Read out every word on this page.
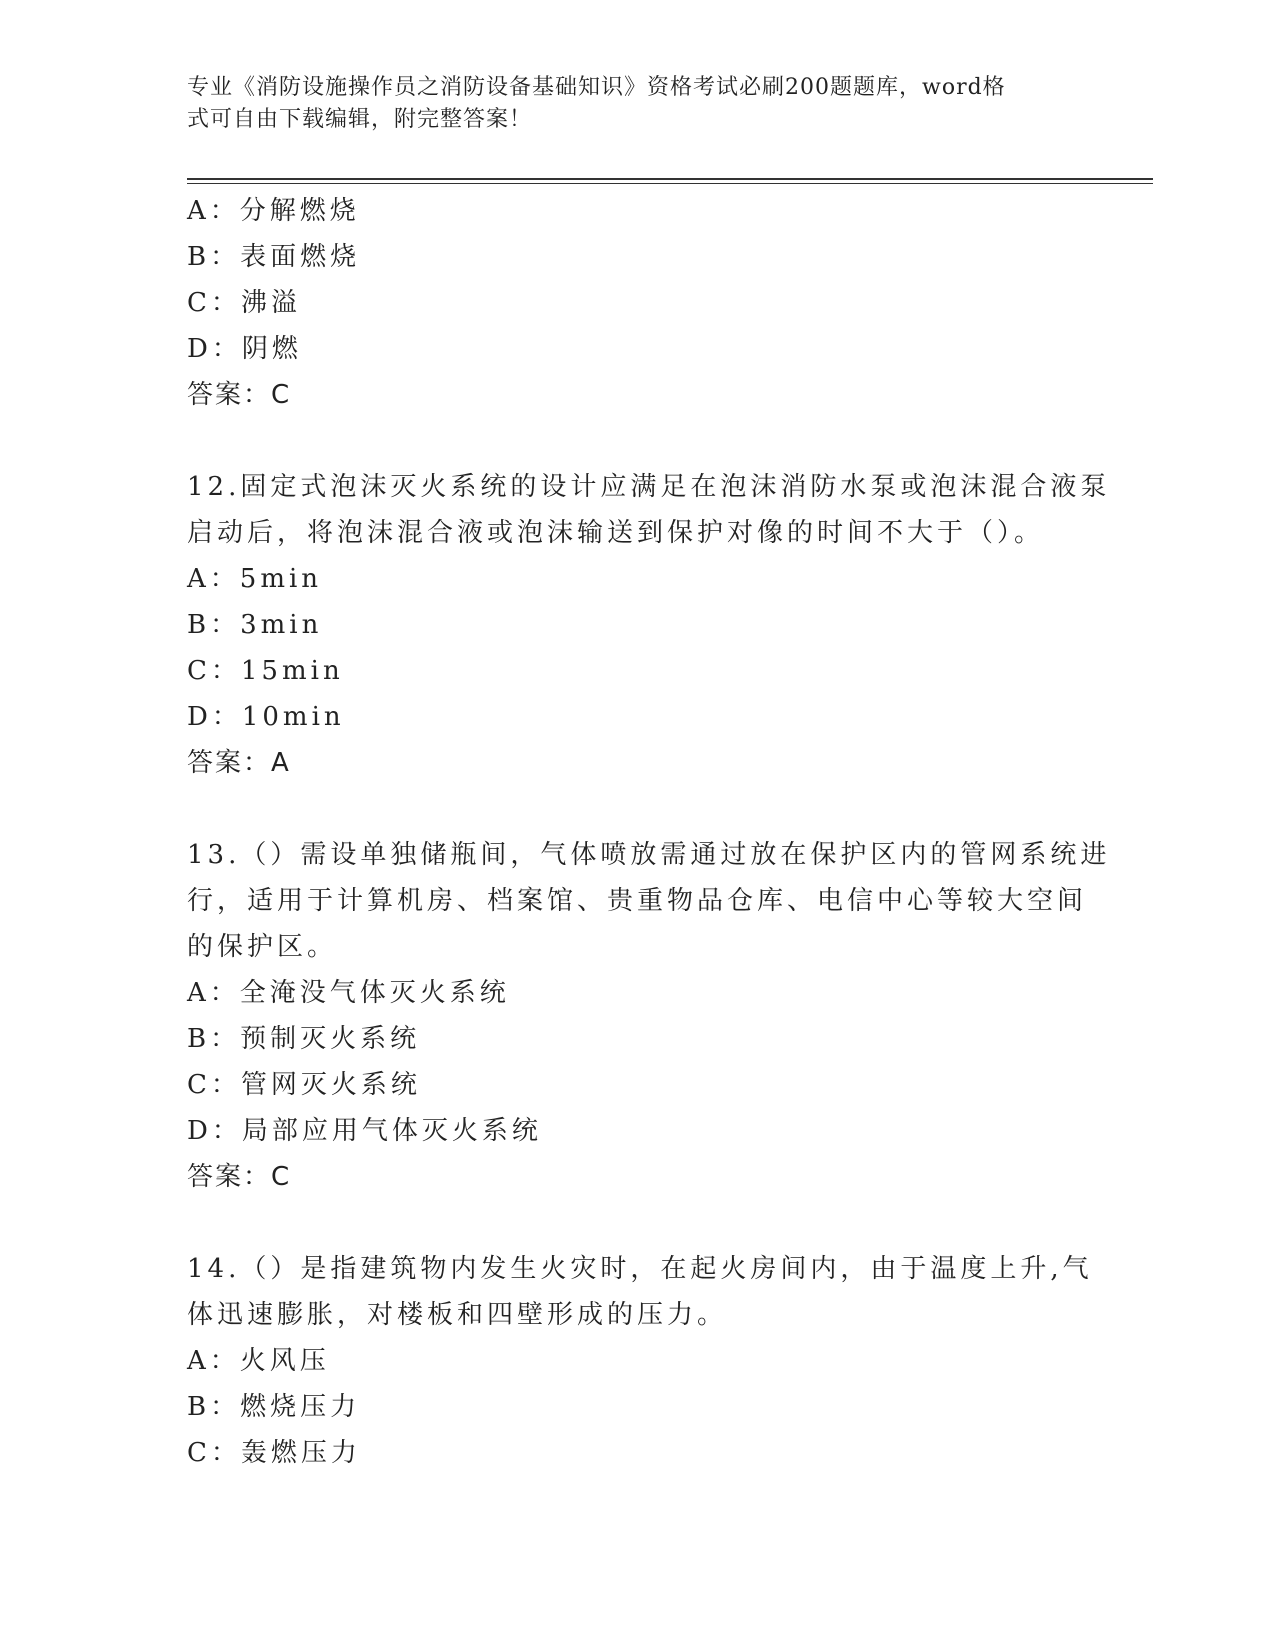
专业《消防设施操作员之消防设备基础知识》资格考试必刷200题题库，word格
式可自由下载编辑，附完整答案！
A：分解燃烧
B：表面燃烧
C：沸溢
D：阴燃
答案：C
12.固定式泡沫灭火系统的设计应满足在泡沫消防水泵或泡沫混合液泵
启动后，将泡沫混合液或泡沫输送到保护对像的时间不大于（）。
A：5min
B：3min
C：15min
D：10min
答案：A
13.（）需设单独储瓶间，气体喷放需通过放在保护区内的管网系统进
行，适用于计算机房、档案馆、贵重物品仓库、电信中心等较大空间
的保护区。
A：全淹没气体灭火系统
B：预制灭火系统
C：管网灭火系统
D：局部应用气体灭火系统
答案：C
14.（）是指建筑物内发生火灾时，在起火房间内，由于温度上升,气
体迅速膨胀，对楼板和四壁形成的压力。
A：火风压
B：燃烧压力
C：轰燃压力
